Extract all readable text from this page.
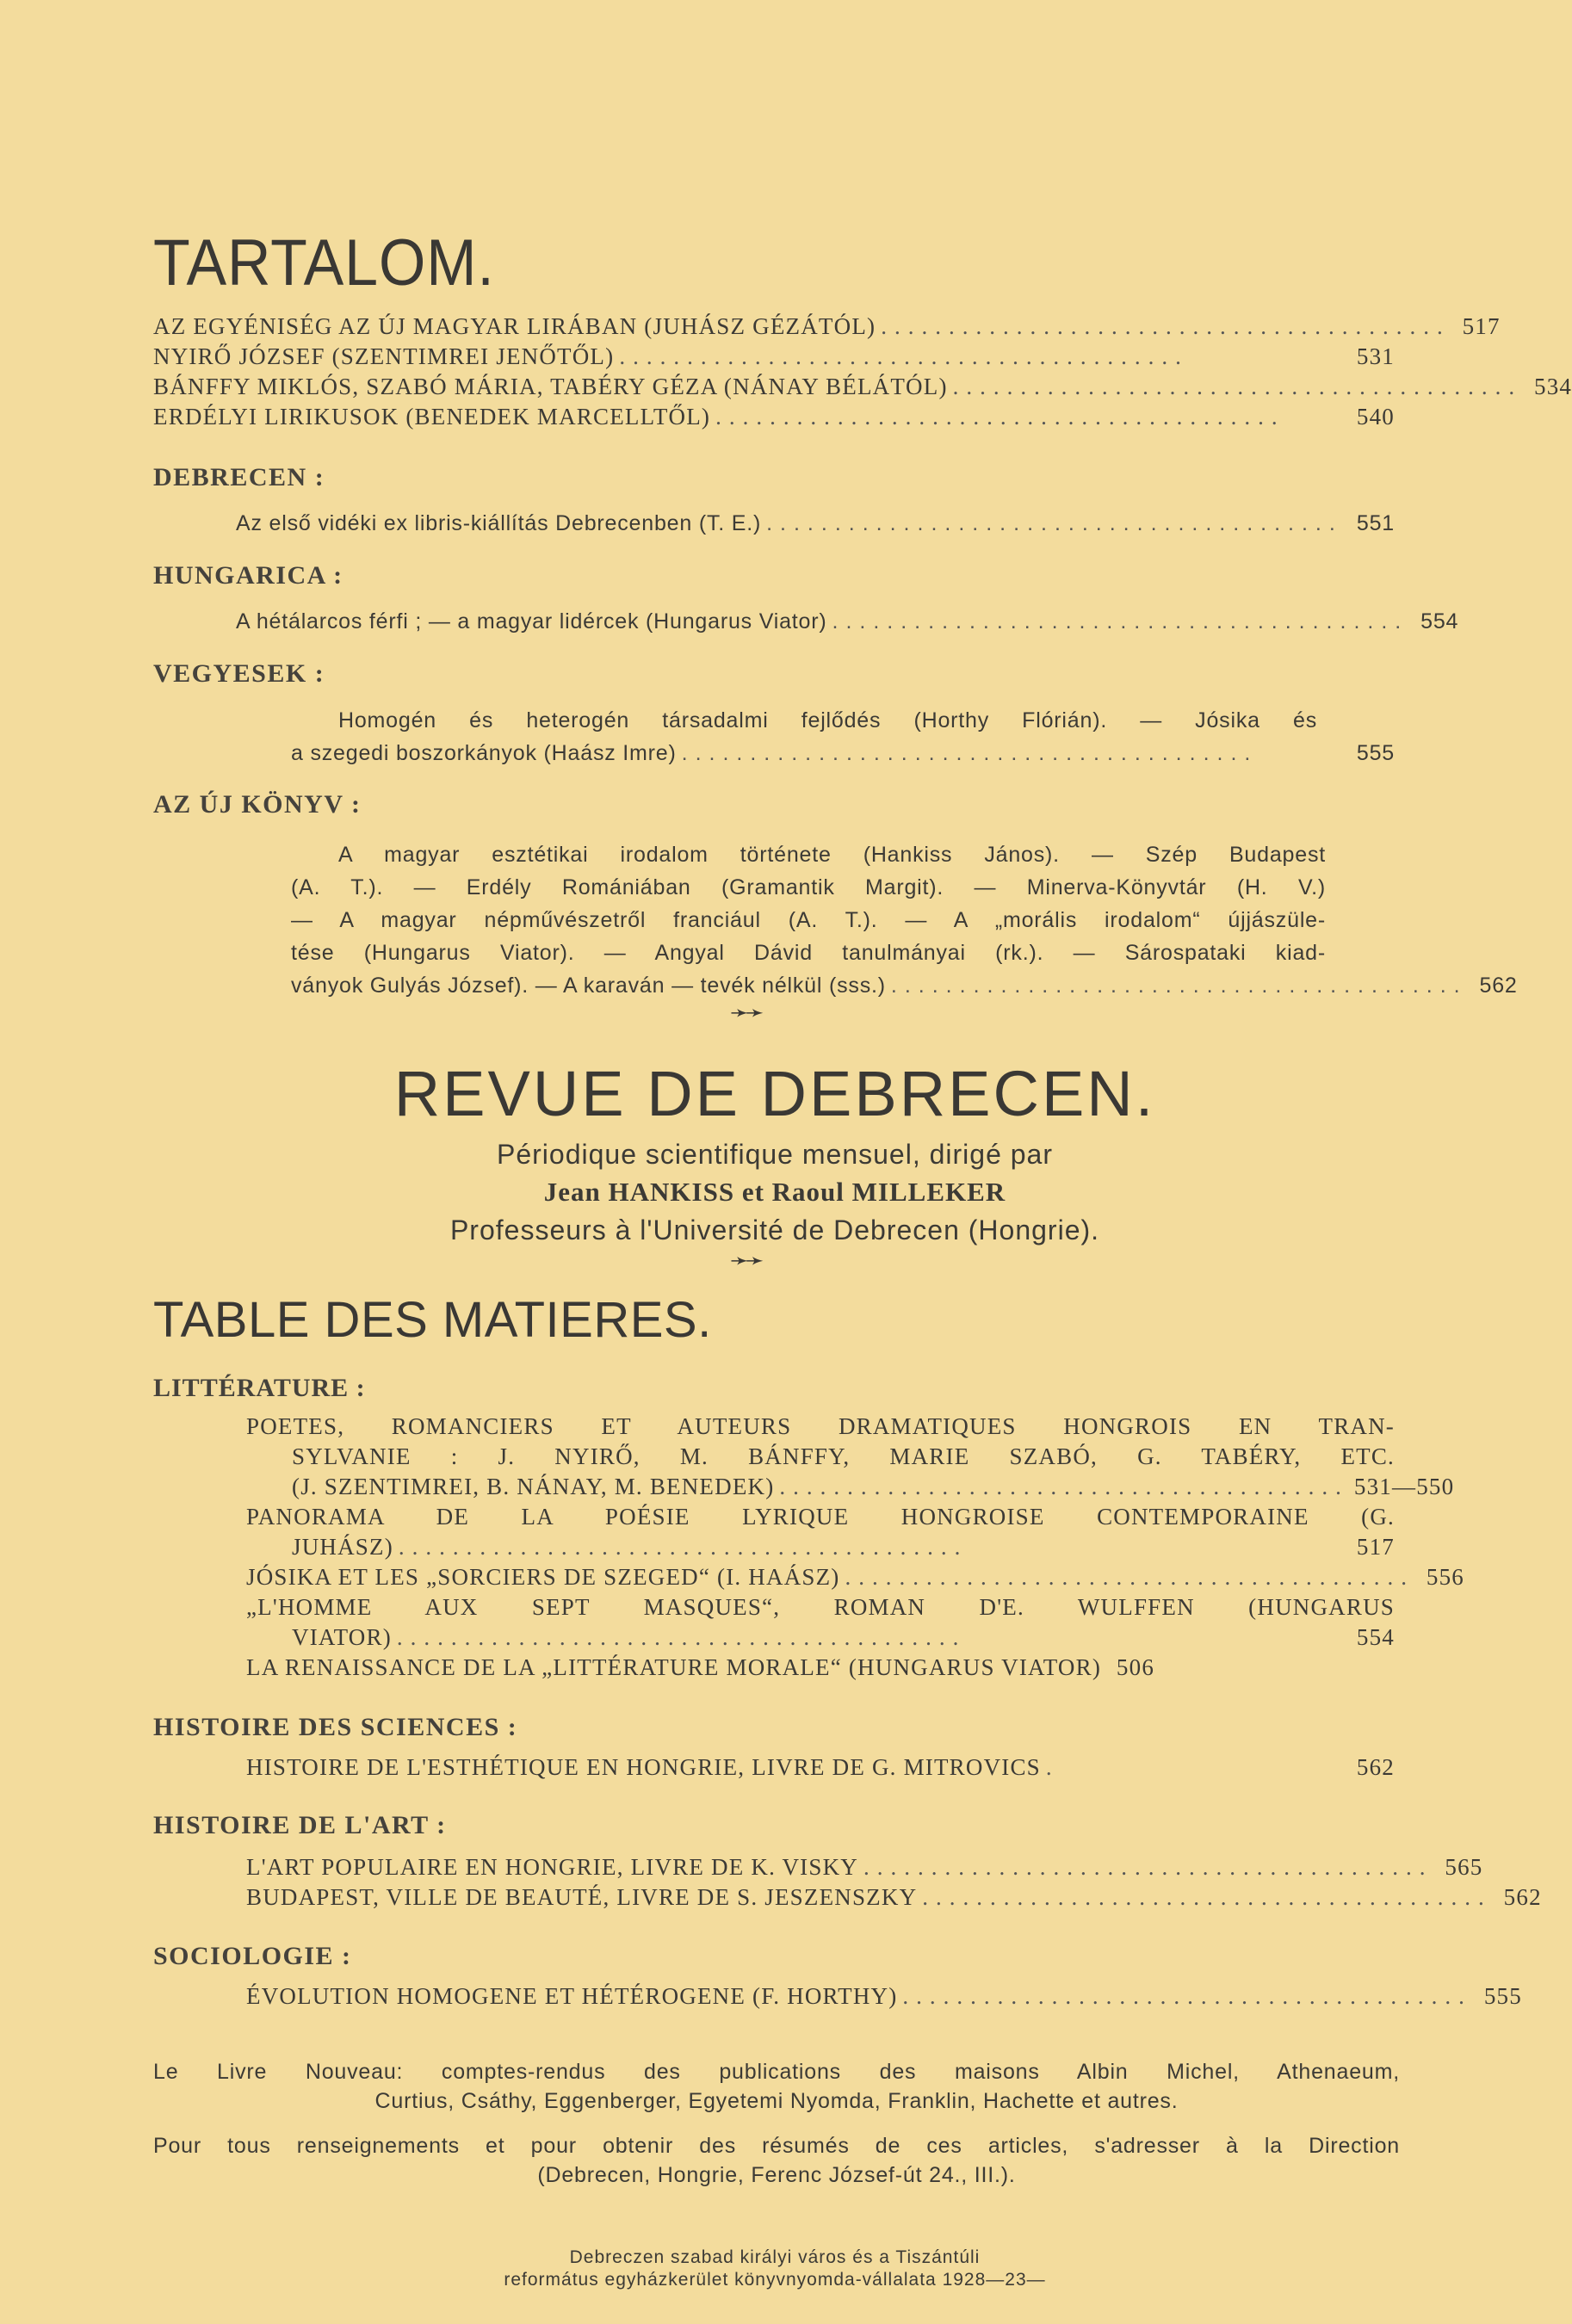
TARTALOM.
AZ EGYÉNISÉG AZ ÚJ MAGYAR LIRÁBAN (JUHÁSZ GÉZÁTÓL) .......................................... 517
NYIRŐ JÓZSEF (SZENTIMREI JENŐTŐL) ..........................................	531
BÁNFFY MIKLÓS, SZABÓ MÁRIA, TABÉRY GÉZA (NÁNAY BÉLÁTÓL) .......................................... 534
ERDÉLYI LIRIKUSOK (BENEDEK MARCELLTŐL) ..........................................	540

DEBRECEN :

Az első vidéki ex libris-kiállítás Debrecenben (T. E.) .......................................... 551

HUNGARICA :

A hétálarcos férfi ; — a magyar lidércek (Hungarus Viator) .......................................... 554

VEGYESEK :

Homogén és heterogén társadalmi fejlődés (Horthy Flórián). — Jósika és
a szegedi boszorkányok (Haász Imre) ..........................................	555

AZ ÚJ KÖNYV :

A magyar esztétikai irodalom története (Hankiss János). — Szép Budapest
(A. T.). — Erdély Romániában (Gramantik Margit). — Minerva-Könyvtár (H. V.)
— A magyar népművészetről franciául (A. T.). — A „morális irodalom“ újjászüle-
tése (Hungarus Viator). — Angyal Dávid tanulmányai (rk.). — Sárospataki kiad-
ványok Gulyás József). — A karaván — tevék nélkül (sss.) .......................................... 562
➛➛
REVUE DE DEBRECEN.

Périodique scientifique mensuel, dirigé par

Jean HANKISS et Raoul MILLEKER

Professeurs à l'Université de Debrecen (Hongrie).

➛➛
TABLE DES MATIERES.

LITTÉRATURE :

POETES, ROMANCIERS ET AUTEURS DRAMATIQUES HONGROIS EN TRAN-
SYLVANIE : J. NYIRŐ, M. BÁNFFY, MARIE SZABÓ, G. TABÉRY, ETC.
(J. SZENTIMREI, B. NÁNAY, M. BENEDEK) .......................................... 531—550
PANORAMA DE LA POÉSIE LYRIQUE HONGROISE CONTEMPORAINE (G.
JUHÁSZ) ..........................................	517
JÓSIKA ET LES „SORCIERS DE SZEGED“ (I. HAÁSZ) .......................................... 556
„L'HOMME AUX SEPT MASQUES“, ROMAN D'E. WULFFEN (HUNGARUS
VIATOR) ..........................................	554
LA RENAISSANCE DE LA „LITTÉRATURE MORALE“ (HUNGARUS VIATOR) 506

HISTOIRE DES SCIENCES :

HISTOIRE DE L'ESTHÉTIQUE EN HONGRIE, LIVRE DE G. MITROVICS .	562

HISTOIRE DE L'ART :

L'ART POPULAIRE EN HONGRIE, LIVRE DE K. VISKY .......................................... 565
BUDAPEST, VILLE DE BEAUTÉ, LIVRE DE S. JESZENSZKY .......................................... 562

SOCIOLOGIE :

ÉVOLUTION HOMOGENE ET HÉTÉROGENE (F. HORTHY) .......................................... 555
Le Livre Nouveau: comptes-rendus des publications des maisons Albin Michel, Athenaeum,
Curtius, Csáthy, Eggenberger, Egyetemi Nyomda, Franklin, Hachette et autres.
Pour tous renseignements et pour obtenir des résumés de ces articles, s'adresser à la Direction
(Debrecen, Hongrie, Ferenc József-út 24., III.).
Debreczen szabad királyi város és a Tiszántúli
református egyházkerület könyvnyomda-vállalata 1928—23—
